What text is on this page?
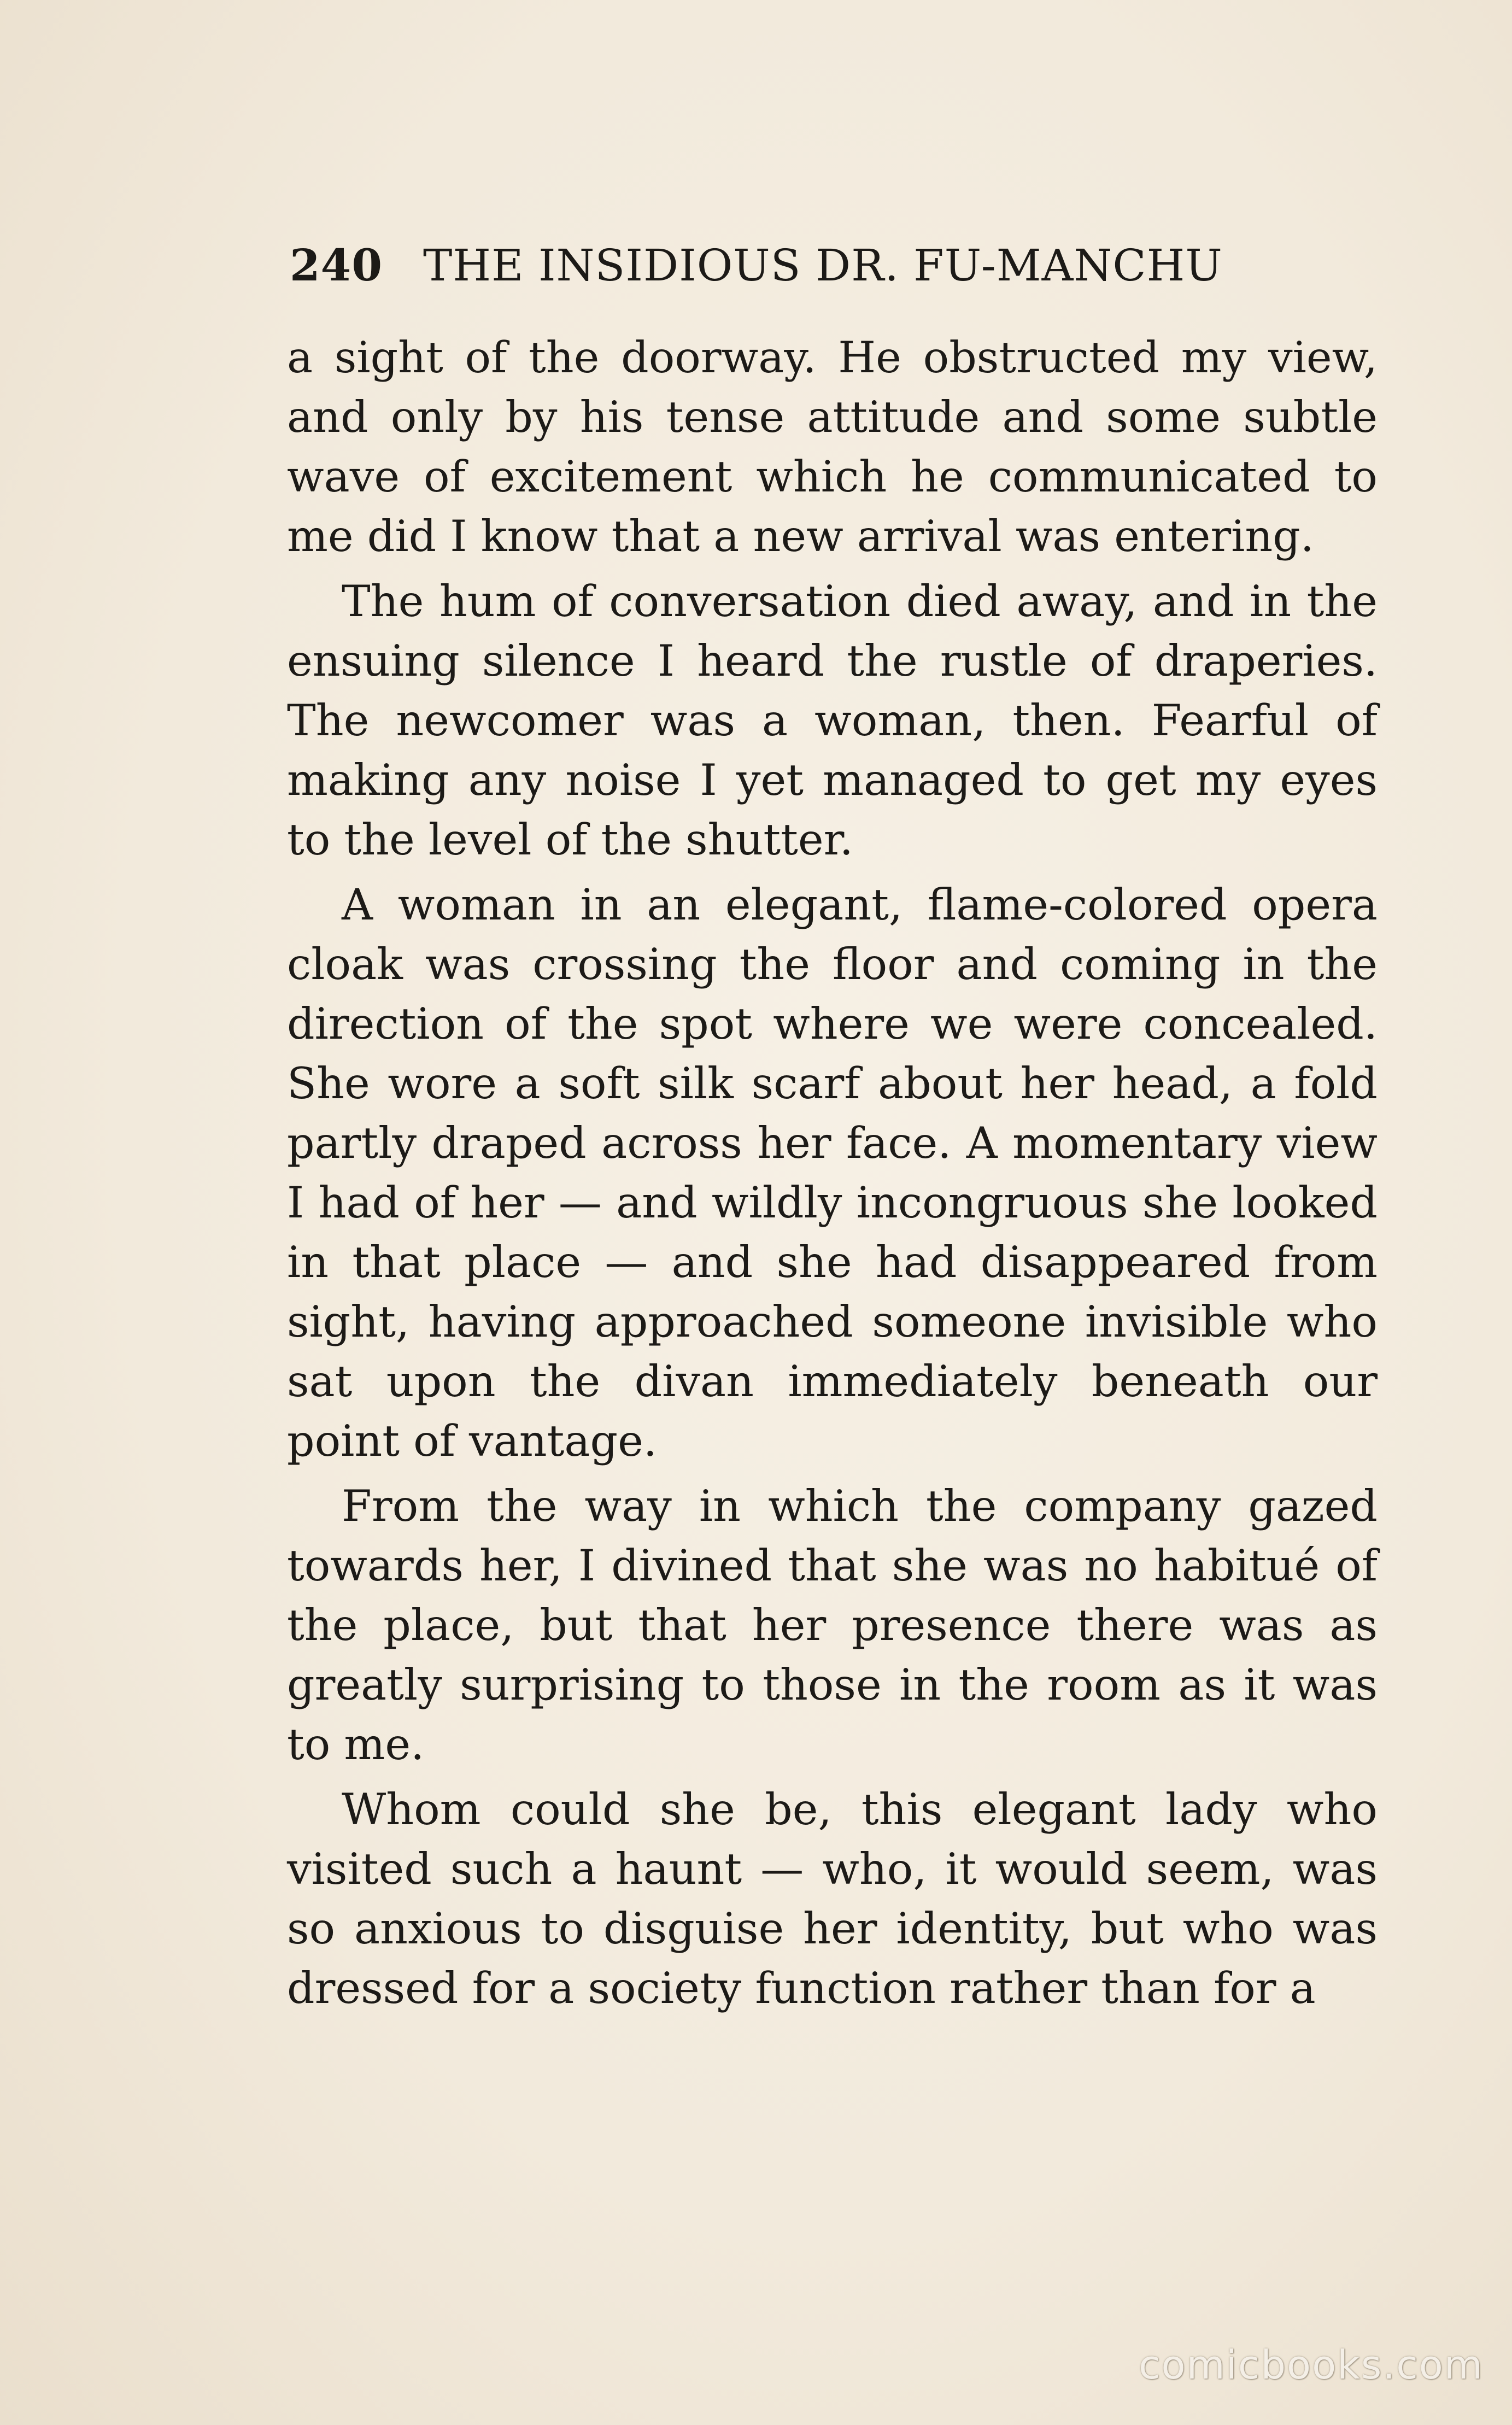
240 THE INSIDIOUS DR. FU-MANCHU

a sight of the doorway. He obstructed my view, and only by his tense attitude and some subtle wave of excitement which he communicated to me did I know that a new arrival was entering.

The hum of conversation died away, and in the ensuing silence I heard the rustle of draperies. The newcomer was a woman, then. Fearful of making any noise I yet managed to get my eyes to the level of the shutter.

A woman in an elegant, flame-colored opera cloak was crossing the floor and coming in the direction of the spot where we were concealed. She wore a soft silk scarf about her head, a fold partly draped across her face. A momentary view I had of her — and wildly incongruous she looked in that place — and she had disappeared from sight, having approached someone invisible who sat upon the divan immediately beneath our point of vantage.

From the way in which the company gazed towards her, I divined that she was no habitué of the place, but that her presence there was as greatly surprising to those in the room as it was to me.

Whom could she be, this elegant lady who visited such a haunt — who, it would seem, was so anxious to disguise her identity, but who was dressed for a society function rather than for a

comicbooks.com
